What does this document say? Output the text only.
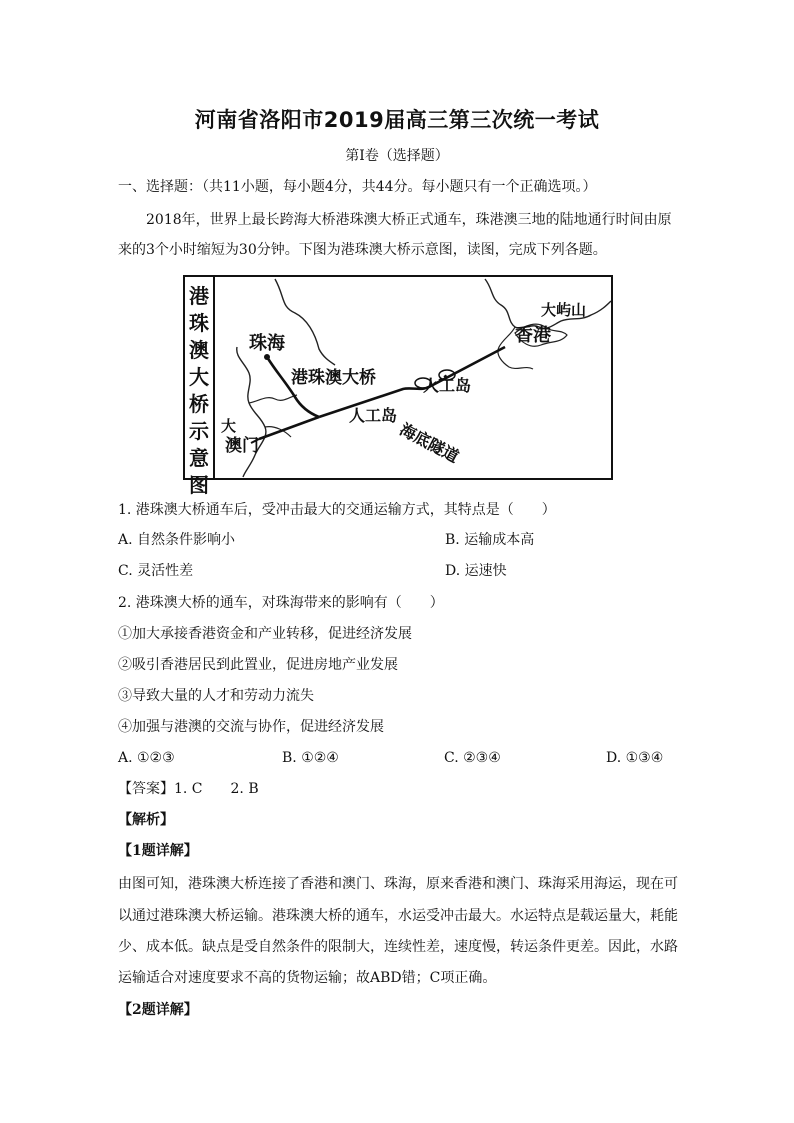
河南省洛阳市2019届高三第三次统一考试
第Ⅰ卷（选择题）
一、选择题：（共11小题，每小题4分，共44分。每小题只有一个正确选项。）
2018年，世界上最长跨海大桥港珠澳大桥正式通车，珠港澳三地的陆地通行时间由原
来的3个小时缩短为30分钟。下图为港珠澳大桥示意图，读图，完成下列各题。
港珠澳大桥示意图
珠海
大
澳门
港珠澳大桥	人工岛
人工岛
海底隧道
香港
大屿山
1. 港珠澳大桥通车后，受冲击最大的交通运输方式，其特点是（　　）
A. 自然条件影响小	B. 运输成本高
C. 灵活性差	D. 运速快
2. 港珠澳大桥的通车，对珠海带来的影响有（　　）
①加大承接香港资金和产业转移，促进经济发展
②吸引香港居民到此置业，促进房地产业发展
③导致大量的人才和劳动力流失
④加强与港澳的交流与协作，促进经济发展
A. ①②③	B. ①②④	C. ②③④	D. ①③④
【答案】1. C　　2. B
【解析】
【1题详解】
由图可知，港珠澳大桥连接了香港和澳门、珠海，原来香港和澳门、珠海采用海运，现在可
以通过港珠澳大桥运输。港珠澳大桥的通车，水运受冲击最大。水运特点是载运量大，耗能
少、成本低。缺点是受自然条件的限制大，连续性差，速度慢，转运条件更差。因此，水路
运输适合对速度要求不高的货物运输；故ABD错；C项正确。
【2题详解】
